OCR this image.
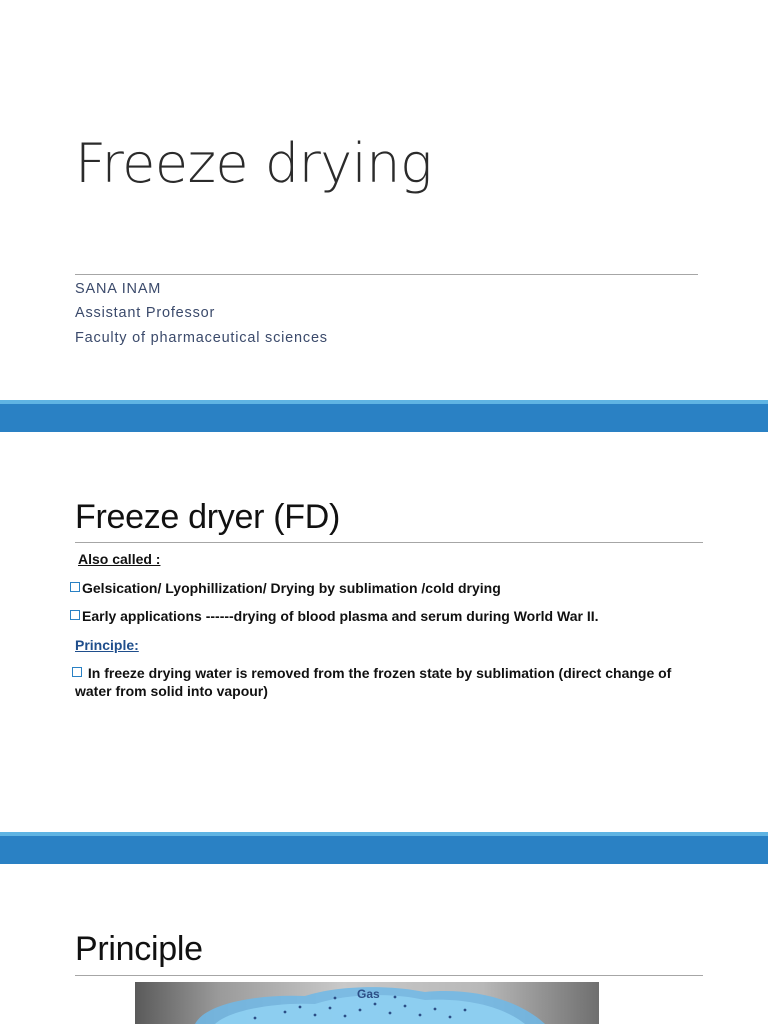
Freeze drying
SANA INAM
Assistant Professor
Faculty of pharmaceutical sciences
Freeze dryer (FD)
Also called :
Gelsication/ Lyophillization/ Drying by sublimation /cold drying
Early applications ------drying of blood plasma and serum during World War II.
Principle:
In freeze drying water is removed from the frozen state by sublimation (direct change of
water from solid into vapour)
Principle
Gas
